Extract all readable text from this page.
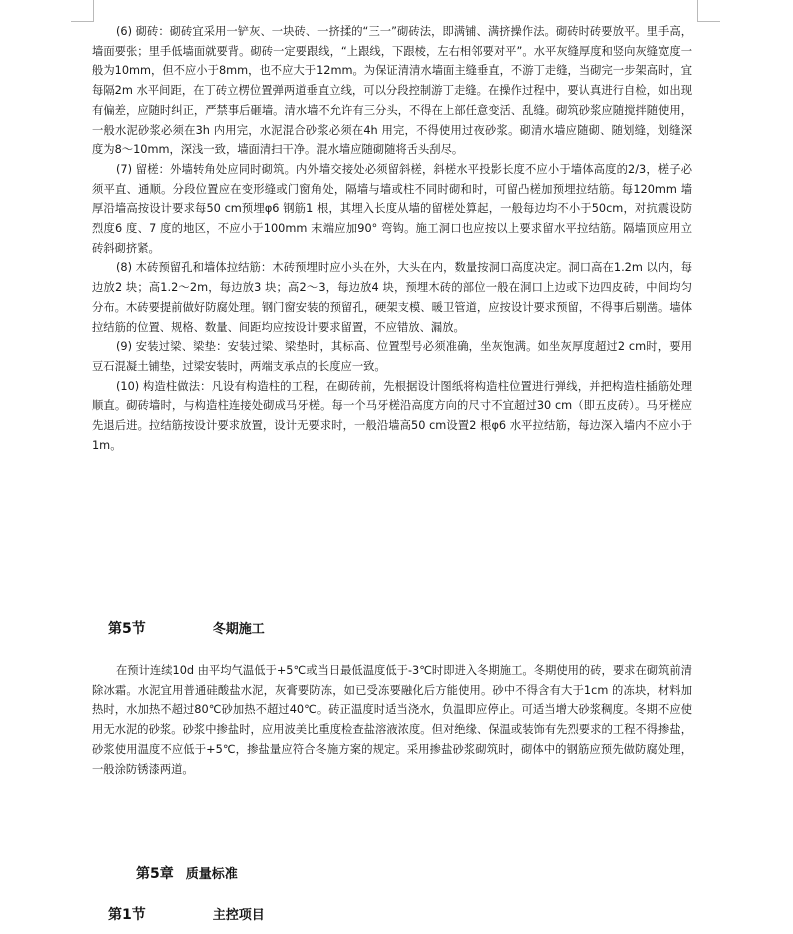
(6) 砌砖：砌砖宜采用一铲灰、一块砖、一挤揉的“三一”砌砖法，即满铺、满挤操作法。砌砖时砖要放平。里手高，墙面要张；里手低墙面就要背。砌砖一定要跟线，“上跟线，下跟棱，左右相邻要对平”。水平灰缝厚度和竖向灰缝宽度一般为10mm，但不应小于8mm，也不应大于12mm。为保证清清水墙面主缝垂直，不游丁走缝，当砌完一步架高时，宜每隔2m 水平间距，在丁砖立楞位置弹两道垂直立线，可以分段控制游丁走缝。在操作过程中，要认真进行自检，如出现有偏差，应随时纠正，严禁事后砸墙。清水墙不允许有三分头，不得在上部任意变活、乱缝。砌筑砂浆应随搅拌随使用，一般水泥砂浆必须在3h 内用完，水泥混合砂浆必须在4h 用完，不得使用过夜砂浆。砌清水墙应随砌、随划缝，划缝深度为8～10mm，深浅一致，墙面清扫干净。混水墙应随砌随将舌头刮尽。

(7) 留槎：外墙转角处应同时砌筑。内外墙交接处必须留斜槎，斜槎水平投影长度不应小于墙体高度的2/3，槎子必须平直、通顺。分段位置应在变形缝或门窗角处，隔墙与墙或柱不同时砌和时，可留凸槎加预埋拉结筋。每120mm 墙厚沿墙高按设计要求每50 cm预埋φ6 钢筋1 根，其埋入长度从墙的留槎处算起，一般每边均不小于50cm，对抗震设防烈度6 度、7 度的地区，不应小于100mm 末端应加90° 弯钩。施工洞口也应按以上要求留水平拉结筋。隔墙顶应用立砖斜砌挤紧。

(8) 木砖预留孔和墙体拉结筋：木砖预埋时应小头在外，大头在内，数量按洞口高度决定。洞口高在1.2m 以内，每边放2 块；高1.2～2m，每边放3 块；高2～3，每边放4 块，预埋木砖的部位一般在洞口上边或下边四皮砖，中间均匀分布。木砖要提前做好防腐处理。钢门窗安装的预留孔，硬架支模、暖卫管道，应按设计要求预留，不得事后剔凿。墙体拉结筋的位置、规格、数量、间距均应按设计要求留置，不应错放、漏放。

(9) 安装过梁、梁垫：安装过梁、梁垫时，其标高、位置型号必须准确，坐灰饱满。如坐灰厚度超过2 cm时，要用豆石混凝土铺垫，过梁安装时，两端支承点的长度应一致。

(10) 构造柱做法：凡设有构造柱的工程，在砌砖前，先根据设计图纸将构造柱位置进行弹线，并把构造柱插筋处理顺直。砌砖墙时，与构造柱连接处砌成马牙槎。每一个马牙槎沿高度方向的尺寸不宜超过30 cm（即五皮砖）。马牙槎应先退后进。拉结筋按设计要求放置，设计无要求时，一般沿墙高50 cm设置2 根φ6 水平拉结筋，每边深入墙内不应小于1m。

第5节	冬期施工

在预计连续10d 由平均气温低于+5℃或当日最低温度低于-3℃时即进入冬期施工。冬期使用的砖，要求在砌筑前清除冰霜。水泥宜用普通硅酸盐水泥，灰膏要防冻，如已受冻要融化后方能使用。砂中不得含有大于1cm 的冻块，材料加热时，水加热不超过80℃砂加热不超过40℃。砖正温度时适当浇水，负温即应停止。可适当增大砂浆稠度。冬期不应使用无水泥的砂浆。砂浆中掺盐时，应用波美比重度检查盐溶液浓度。但对绝缘、保温或装饰有先烈要求的工程不得掺盐，砂浆使用温度不应低于+5℃，掺盐量应符合冬施方案的规定。采用掺盐砂浆砌筑时，砌体中的钢筋应预先做防腐处理，一般涂防锈漆两道。

第5章 质量标准
第1节	主控项目
